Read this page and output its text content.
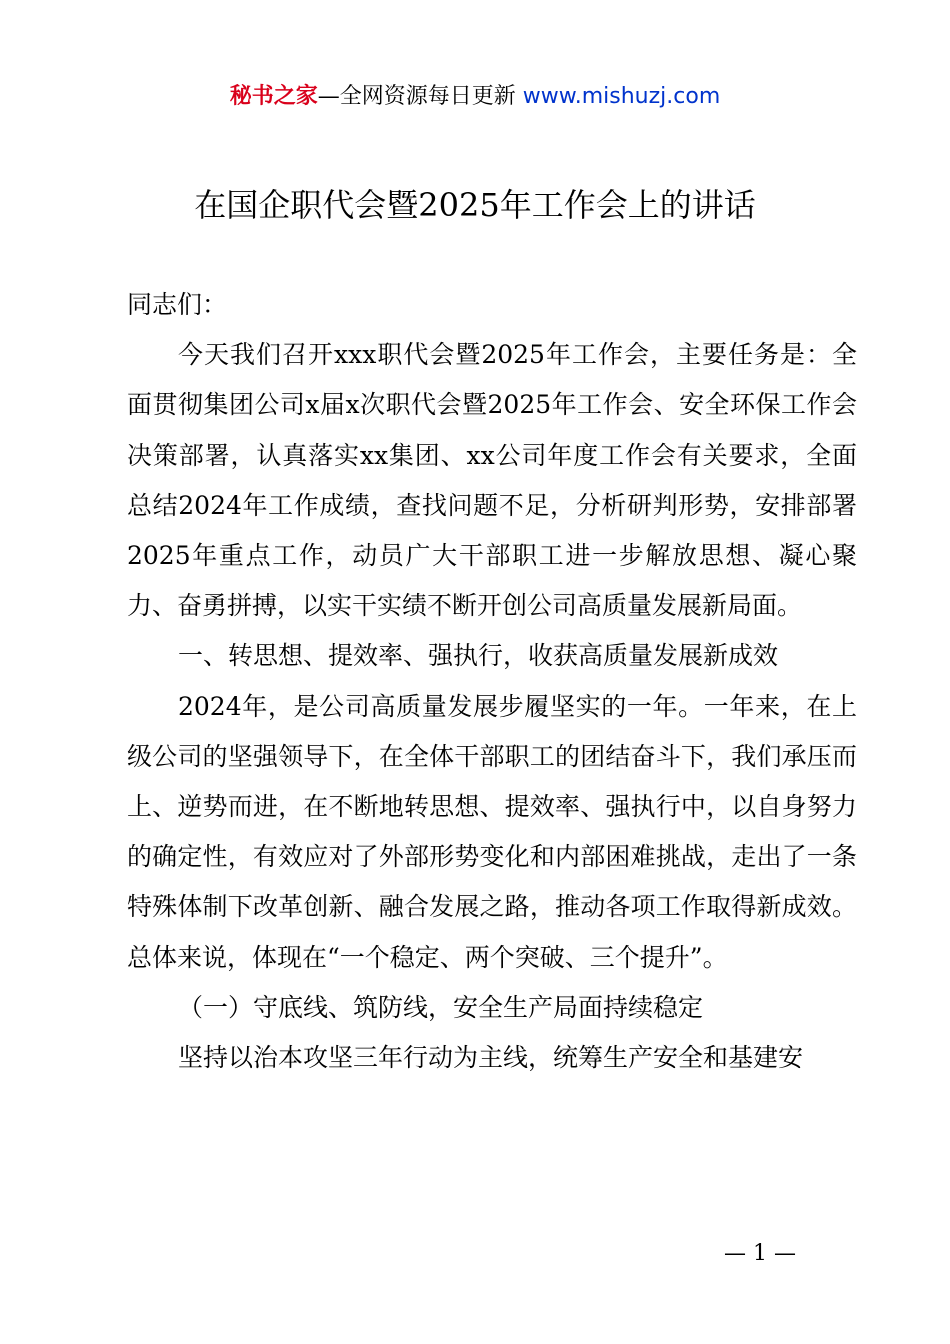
秘书之家—全网资源每日更新 www.mishuzj.com
在国企职代会暨2025年工作会上的讲话

同志们：

今天我们召开xxx职代会暨2025年工作会，主要任务是：全面贯彻集团公司x届x次职代会暨2025年工作会、安全环保工作会决策部署，认真落实xx集团、xx公司年度工作会有关要求，全面总结2024年工作成绩，查找问题不足，分析研判形势，安排部署2025年重点工作，动员广大干部职工进一步解放思想、凝心聚力、奋勇拼搏，以实干实绩不断开创公司高质量发展新局面。

一、转思想、提效率、强执行，收获高质量发展新成效

2024年，是公司高质量发展步履坚实的一年。一年来，在上级公司的坚强领导下，在全体干部职工的团结奋斗下，我们承压而上、逆势而进，在不断地转思想、提效率、强执行中，以自身努力的确定性，有效应对了外部形势变化和内部困难挑战，走出了一条特殊体制下改革创新、融合发展之路，推动各项工作取得新成效。总体来说，体现在“一个稳定、两个突破、三个提升”。

（一）守底线、筑防线，安全生产局面持续稳定

坚持以治本攻坚三年行动为主线，统筹生产安全和基建安

— 1 —
